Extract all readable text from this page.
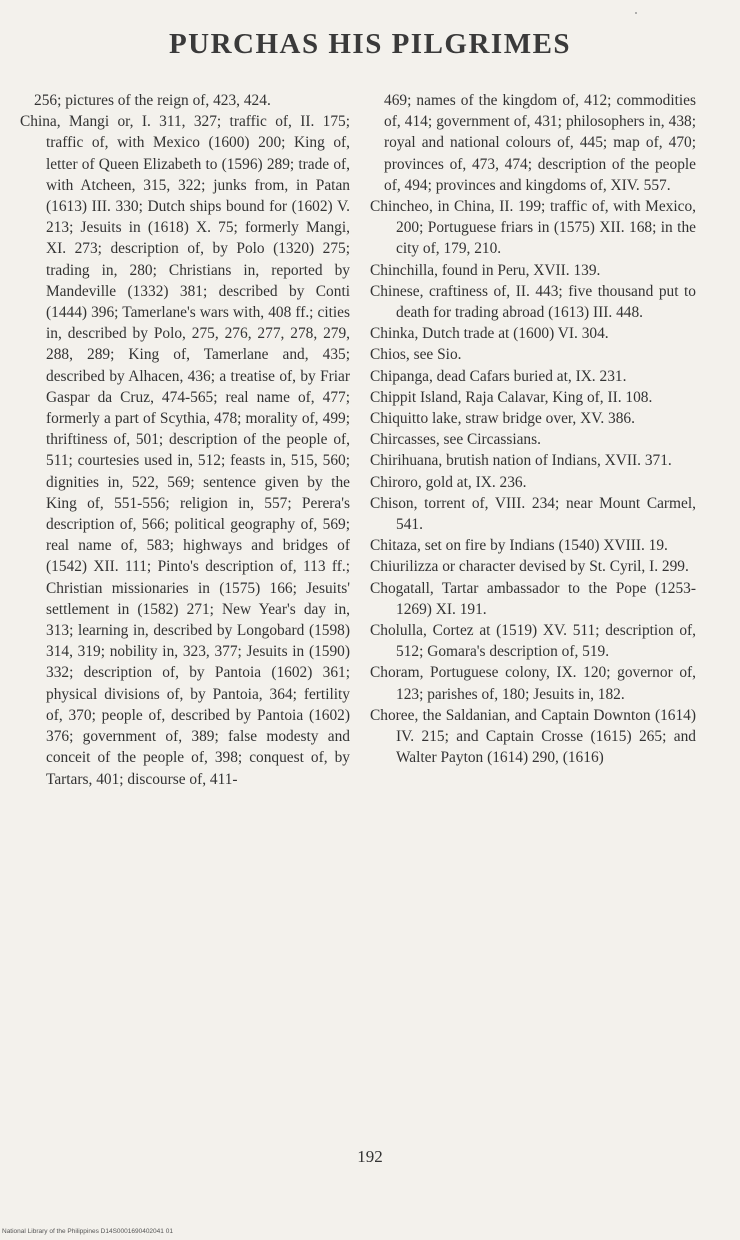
PURCHAS HIS PILGRIMES

256; pictures of the reign of, 423, 424.

China, Mangi or, I. 311, 327; traffic of, II. 175; traffic of, with Mexico (1600) 200; King of, letter of Queen Elizabeth to (1596) 289; trade of, with Atcheen, 315, 322; junks from, in Patan (1613) III. 330; Dutch ships bound for (1602) V. 213; Jesuits in (1618) X. 75; formerly Mangi, XI. 273; description of, by Polo (1320) 275; trading in, 280; Christians in, reported by Mandeville (1332) 381; described by Conti (1444) 396; Tamerlane's wars with, 408 ff.; cities in, described by Polo, 275, 276, 277, 278, 279, 288, 289; King of, Tamerlane and, 435; described by Alhacen, 436; a treatise of, by Friar Gaspar da Cruz, 474-565; real name of, 477; formerly a part of Scythia, 478; morality of, 499; thriftiness of, 501; description of the people of, 511; courtesies used in, 512; feasts in, 515, 560; dignities in, 522, 569; sentence given by the King of, 551-556; religion in, 557; Perera's description of, 566; political geography of, 569; real name of, 583; highways and bridges of (1542) XII. 111; Pinto's description of, 113 ff.; Christian missionaries in (1575) 166; Jesuits' settlement in (1582) 271; New Year's day in, 313; learning in, described by Longobard (1598) 314, 319; nobility in, 323, 377; Jesuits in (1590) 332; description of, by Pantoia (1602) 361; physical divisions of, by Pantoia, 364; fertility of, 370; people of, described by Pantoia (1602) 376; government of, 389; false modesty and conceit of the people of, 398; conquest of, by Tartars, 401; discourse of, 411-

469; names of the kingdom of, 412; commodities of, 414; government of, 431; philosophers in, 438; royal and national colours of, 445; map of, 470; provinces of, 473, 474; description of the people of, 494; provinces and kingdoms of, XIV. 557.

Chincheo, in China, II. 199; traffic of, with Mexico, 200; Portuguese friars in (1575) XII. 168; in the city of, 179, 210.

Chinchilla, found in Peru, XVII. 139.

Chinese, craftiness of, II. 443; five thousand put to death for trading abroad (1613) III. 448.

Chinka, Dutch trade at (1600) VI. 304.

Chios, see Sio.

Chipanga, dead Cafars buried at, IX. 231.

Chippit Island, Raja Calavar, King of, II. 108.

Chiquitto lake, straw bridge over, XV. 386.

Chircasses, see Circassians.

Chirihuana, brutish nation of Indians, XVII. 371.

Chiroro, gold at, IX. 236.

Chison, torrent of, VIII. 234; near Mount Carmel, 541.

Chitaza, set on fire by Indians (1540) XVIII. 19.

Chiurilizza or character devised by St. Cyril, I. 299.

Chogatall, Tartar ambassador to the Pope (1253-1269) XI. 191.

Cholulla, Cortez at (1519) XV. 511; description of, 512; Gomara's description of, 519.

Choram, Portuguese colony, IX. 120; governor of, 123; parishes of, 180; Jesuits in, 182.

Choree, the Saldanian, and Captain Downton (1614) IV. 215; and Captain Crosse (1615) 265; and Walter Payton (1614) 290, (1616)

192
National Library of the Philippines D14S0001690402041 01
